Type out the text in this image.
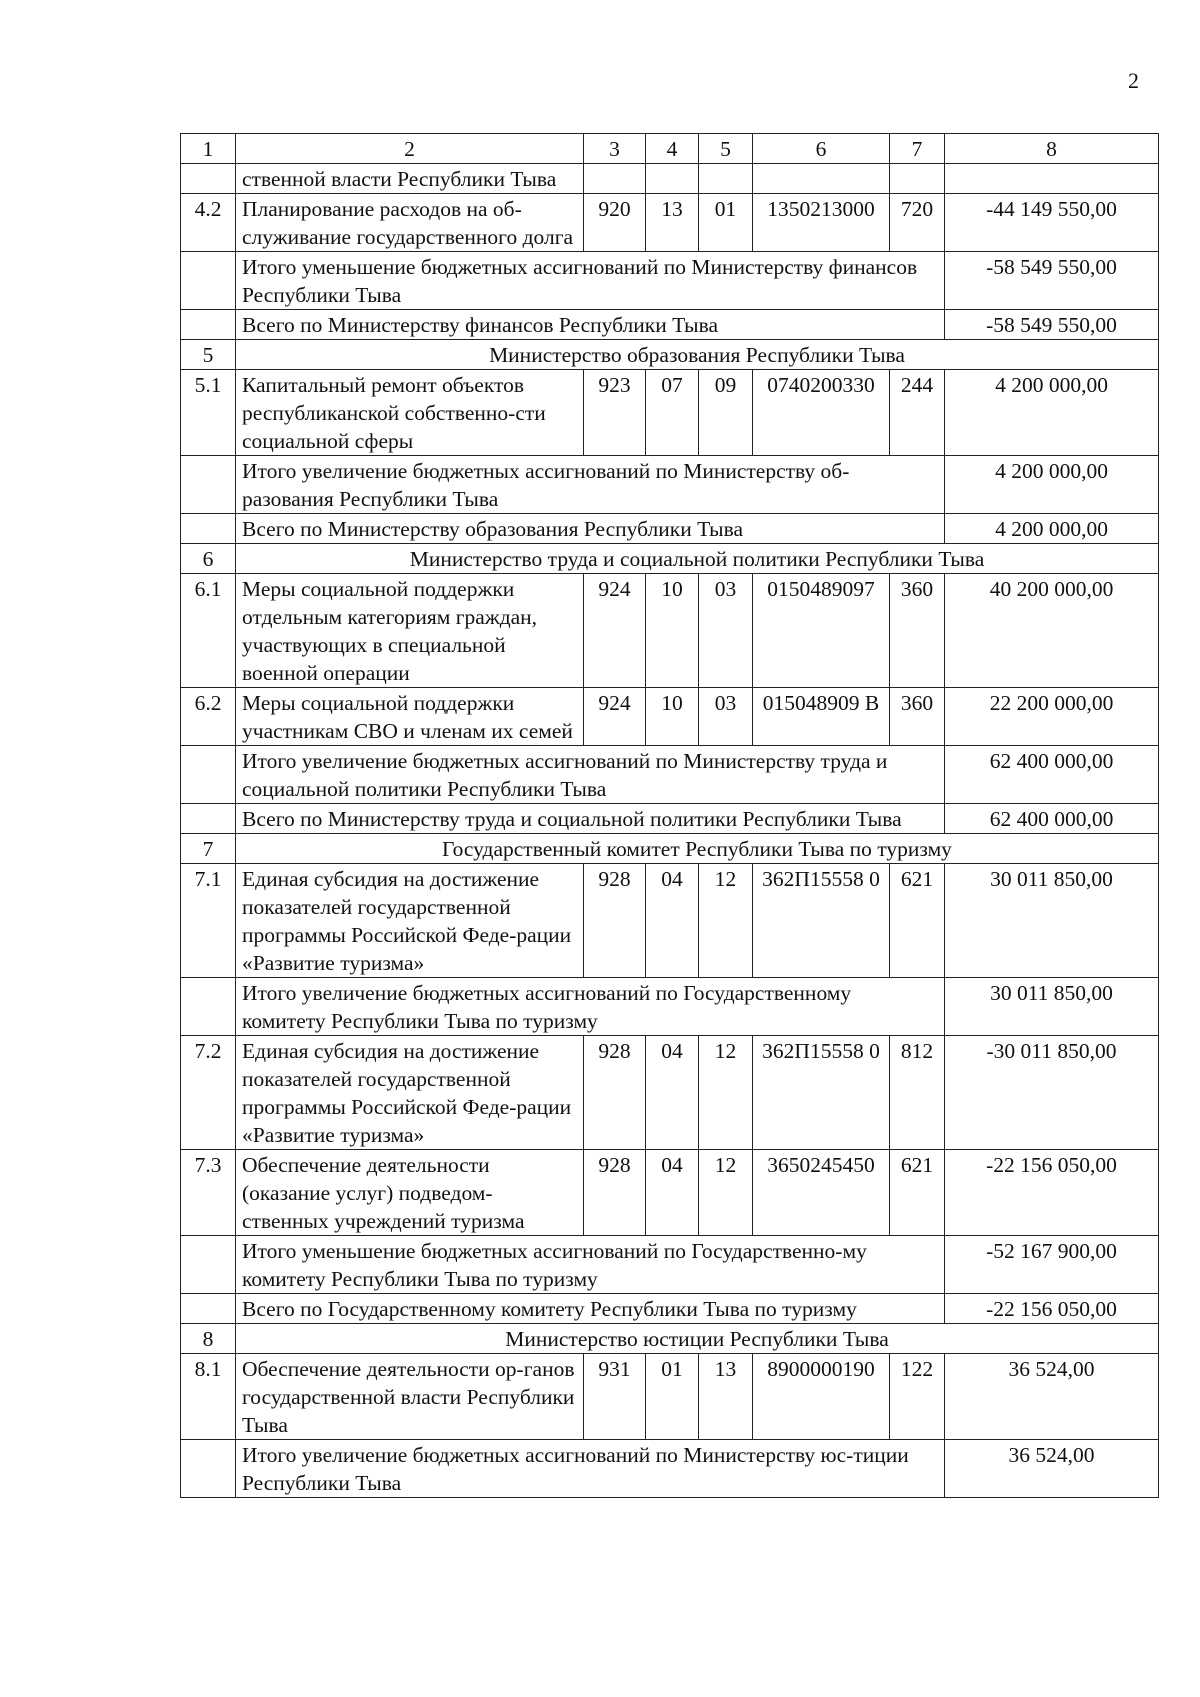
2
1	2	3	4	5	6	7	8
	ственной власти Республики Тыва						
4.2	Планирование расходов на об-служивание государственного долга	920	13	01	1350213000	720	-44 149 550,00
	Итого уменьшение бюджетных ассигнований по Министерству финансов Республики Тыва						-58 549 550,00
	Всего по Министерству финансов Республики Тыва						-58 549 550,00
5	Министерство образования Республики Тыва						
5.1	Капитальный ремонт объектов республиканской собственно-сти социальной сферы	923	07	09	0740200330	244	4 200 000,00
	Итого увеличение бюджетных ассигнований по Министерству об-разования Республики Тыва						4 200 000,00
	Всего по Министерству образования Республики Тыва						4 200 000,00
6	Министерство труда и социальной политики Республики Тыва						
6.1	Меры социальной поддержки отдельным категориям граждан, участвующих в специальной военной операции	924	10	03	0150489097	360	40 200 000,00
6.2	Меры социальной поддержки участникам СВО и членам их семей	924	10	03	015048909 В	360	22 200 000,00
	Итого увеличение бюджетных ассигнований по Министерству труда и социальной политики Республики Тыва						62 400 000,00
	Всего по Министерству труда и социальной политики Республики Тыва						62 400 000,00
7	Государственный комитет Республики Тыва по туризму						
7.1	Единая субсидия на достижение показателей государственной программы Российской Феде-рации «Развитие туризма»	928	04	12	362П15558 0	621	30 011 850,00
	Итого увеличение бюджетных ассигнований по Государственному комитету Республики Тыва по туризму						30 011 850,00
7.2	Единая субсидия на достижение показателей государственной программы Российской Феде-рации «Развитие туризма»	928	04	12	362П15558 0	812	-30 011 850,00
7.3	Обеспечение деятельности (оказание услуг) подведом-ственных учреждений туризма	928	04	12	3650245450	621	-22 156 050,00
	Итого уменьшение бюджетных ассигнований по Государственно-му комитету Республики Тыва по туризму						-52 167 900,00
	Всего по Государственному комитету Республики Тыва по туризму						-22 156 050,00
8	Министерство юстиции Республики Тыва						
8.1	Обеспечение деятельности ор-ганов государственной власти Республики Тыва	931	01	13	8900000190	122	36 524,00
	Итого увеличение бюджетных ассигнований по Министерству юс-тиции Республики Тыва						36 524,00
